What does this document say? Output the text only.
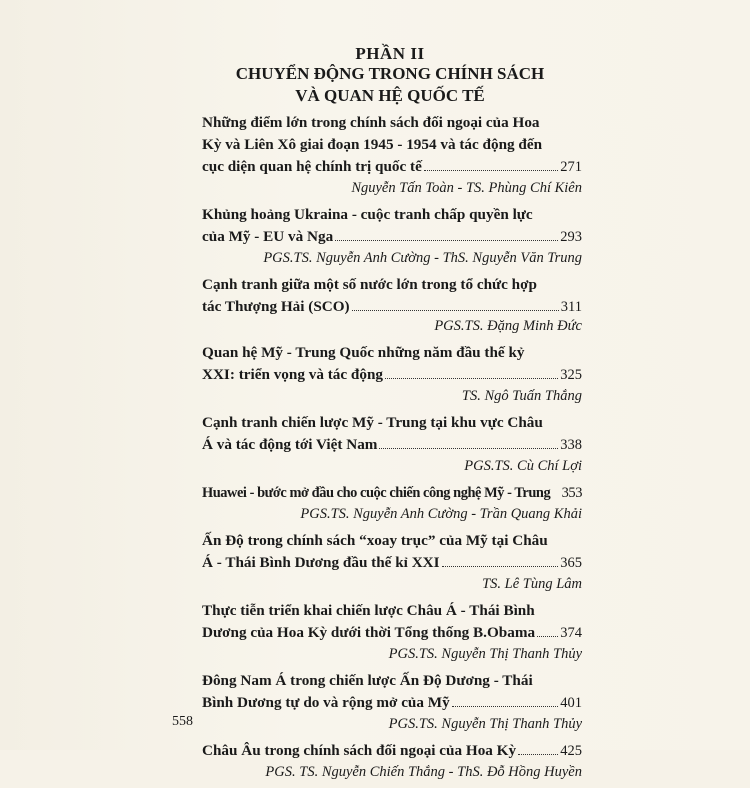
PHẦN II
CHUYỂN ĐỘNG TRONG CHÍNH SÁCH
VÀ QUAN HỆ QUỐC TẾ
Những điểm lớn trong chính sách đối ngoại của Hoa
Kỳ và Liên Xô giai đoạn 1945 - 1954 và tác động đến
cục diện quan hệ chính trị quốc tế	271
Nguyễn Tấn Toàn - TS. Phùng Chí Kiên
Khủng hoảng Ukraina - cuộc tranh chấp quyền lực
của Mỹ - EU và Nga	293
PGS.TS. Nguyễn Anh Cường - ThS. Nguyễn Văn Trung
Cạnh tranh giữa một số nước lớn trong tổ chức hợp
tác Thượng Hải (SCO)	311
PGS.TS. Đặng Minh Đức
Quan hệ Mỹ - Trung Quốc những năm đầu thế kỷ
XXI: triển vọng và tác động	325
TS. Ngô Tuấn Thắng
Cạnh tranh chiến lược Mỹ - Trung tại khu vực Châu
Á và tác động tới Việt Nam	338
PGS.TS. Cù Chí Lợi
Huawei - bước mở đầu cho cuộc chiến công nghệ Mỹ - Trung 353
PGS.TS. Nguyễn Anh Cường - Trần Quang Khải
Ấn Độ trong chính sách “xoay trục” của Mỹ tại Châu
Á - Thái Bình Dương đầu thế kỉ XXI	365
TS. Lê Tùng Lâm
Thực tiễn triển khai chiến lược Châu Á - Thái Bình
Dương của Hoa Kỳ dưới thời Tổng thống B.Obama 374
PGS.TS. Nguyễn Thị Thanh Thủy
Đông Nam Á trong chiến lược Ấn Độ Dương - Thái
Bình Dương tự do và rộng mở của Mỹ	401
PGS.TS. Nguyễn Thị Thanh Thủy
Châu Âu trong chính sách đối ngoại của Hoa Kỳ	425
PGS. TS. Nguyễn Chiến Thắng - ThS. Đỗ Hồng Huyền
558
